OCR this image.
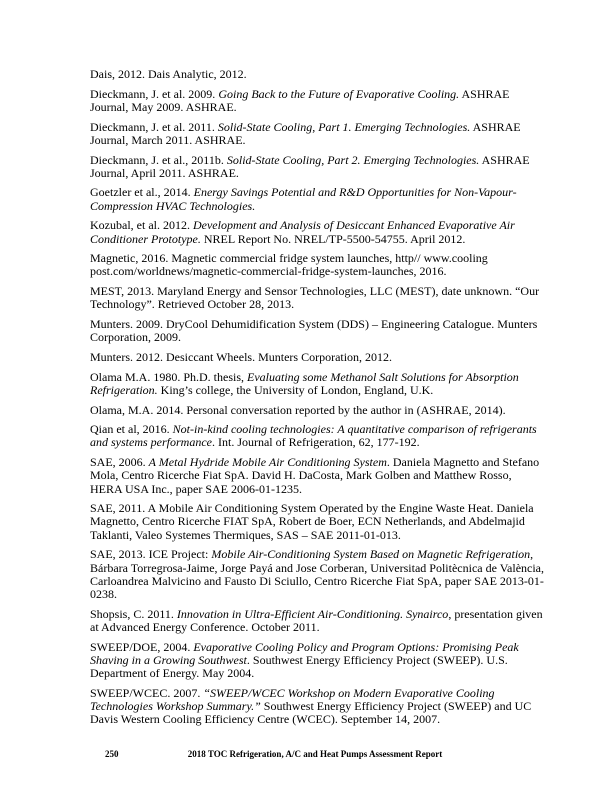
Dais, 2012. Dais Analytic, 2012.

Dieckmann, J. et al. 2009. Going Back to the Future of Evaporative Cooling. ASHRAE Journal, May 2009. ASHRAE.

Dieckmann, J. et al. 2011. Solid-State Cooling, Part 1. Emerging Technologies. ASHRAE Journal, March 2011. ASHRAE.

Dieckmann, J. et al., 2011b. Solid-State Cooling, Part 2. Emerging Technologies. ASHRAE Journal, April 2011. ASHRAE.

Goetzler et al., 2014. Energy Savings Potential and R&D Opportunities for Non-Vapour-Compression HVAC Technologies.

Kozubal, et al. 2012. Development and Analysis of Desiccant Enhanced Evaporative Air Conditioner Prototype. NREL Report No. NREL/TP-5500-54755. April 2012.

Magnetic, 2016. Magnetic commercial fridge system launches, http// www.cooling post.com/worldnews/magnetic-commercial-fridge-system-launches, 2016.

MEST, 2013. Maryland Energy and Sensor Technologies, LLC (MEST), date unknown. “Our Technology”. Retrieved October 28, 2013.

Munters. 2009. DryCool Dehumidification System (DDS) – Engineering Catalogue. Munters Corporation, 2009.

Munters. 2012. Desiccant Wheels. Munters Corporation, 2012.

Olama M.A. 1980. Ph.D. thesis, Evaluating some Methanol Salt Solutions for Absorption Refrigeration. King’s college, the University of London, England, U.K.

Olama, M.A. 2014. Personal conversation reported by the author in (ASHRAE, 2014).

Qian et al, 2016. Not-in-kind cooling technologies: A quantitative comparison of refrigerants and systems performance. Int. Journal of Refrigeration, 62, 177-192.

SAE, 2006. A Metal Hydride Mobile Air Conditioning System. Daniela Magnetto and Stefano Mola, Centro Ricerche Fiat SpA. David H. DaCosta, Mark Golben and Matthew Rosso, HERA USA Inc., paper SAE 2006-01-1235.

SAE, 2011. A Mobile Air Conditioning System Operated by the Engine Waste Heat. Daniela Magnetto, Centro Ricerche FIAT SpA, Robert de Boer, ECN Netherlands, and Abdelmajid Taklanti, Valeo Systemes Thermiques, SAS – SAE 2011-01-013.

SAE, 2013. ICE Project: Mobile Air-Conditioning System Based on Magnetic Refrigeration, Bárbara Torregrosa-Jaime, Jorge Payá and Jose Corberan, Universitad Politècnica de València, Carloandrea Malvicino and Fausto Di Sciullo, Centro Ricerche Fiat SpA, paper SAE 2013-01-0238.

Shopsis, C. 2011. Innovation in Ultra-Efficient Air-Conditioning. Synairco, presentation given at Advanced Energy Conference. October 2011.

SWEEP/DOE, 2004. Evaporative Cooling Policy and Program Options: Promising Peak Shaving in a Growing Southwest. Southwest Energy Efficiency Project (SWEEP). U.S. Department of Energy. May 2004.

SWEEP/WCEC. 2007. “SWEEP/WCEC Workshop on Modern Evaporative Cooling Technologies Workshop Summary.” Southwest Energy Efficiency Project (SWEEP) and UC Davis Western Cooling Efficiency Centre (WCEC). September 14, 2007.

250	2018 TOC Refrigeration, A/C and Heat Pumps Assessment Report
